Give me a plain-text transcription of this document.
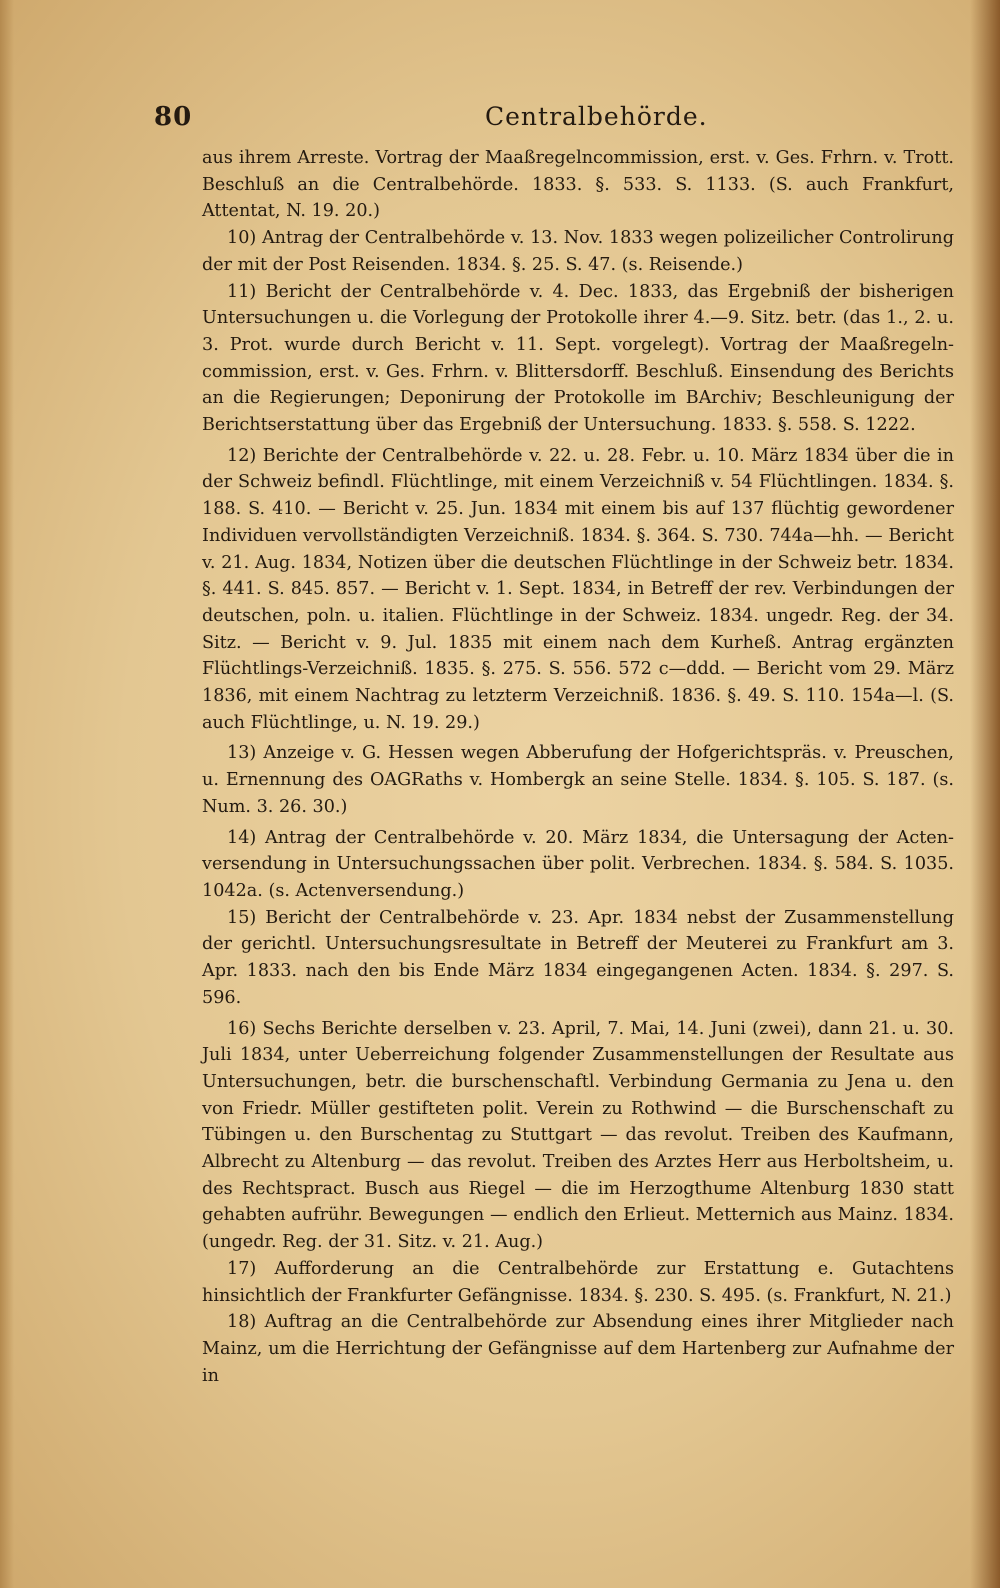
80	Centralbehörde.

aus ihrem Arreste. Vortrag der Maaßregelncommission, erst. v. Ges. Frhrn. v. Trott. Beschluß an die Centralbehörde. 1833. §. 533. S. 1133. (S. auch Frankfurt, Attentat, N. 19. 20.)

10) Antrag der Centralbehörde v. 13. Nov. 1833 wegen polizeilicher Controlirung der mit der Post Reisenden. 1834. §. 25. S. 47. (s. Reisende.)

11) Bericht der Centralbehörde v. 4. Dec. 1833, das Ergebniß der bisherigen Untersuchungen u. die Vorlegung der Protokolle ihrer 4.—9. Sitz. betr. (das 1., 2. u. 3. Prot. wurde durch Bericht v. 11. Sept. vorgelegt). Vortrag der Maaßregeln-commission, erst. v. Ges. Frhrn. v. Blittersdorff. Beschluß. Einsendung des Berichts an die Regierungen; Deponirung der Protokolle im BArchiv; Beschleunigung der Berichtserstattung über das Ergebniß der Untersuchung. 1833. §. 558. S. 1222.

12) Berichte der Centralbehörde v. 22. u. 28. Febr. u. 10. März 1834 über die in der Schweiz befindl. Flüchtlinge, mit einem Verzeichniß v. 54 Flüchtlingen. 1834. §. 188. S. 410. — Bericht v. 25. Jun. 1834 mit einem bis auf 137 flüchtig gewordener Individuen vervollständigten Verzeichniß. 1834. §. 364. S. 730. 744a—hh. — Bericht v. 21. Aug. 1834, Notizen über die deutschen Flüchtlinge in der Schweiz betr. 1834. §. 441. S. 845. 857. — Bericht v. 1. Sept. 1834, in Betreff der rev. Verbindungen der deutschen, poln. u. italien. Flüchtlinge in der Schweiz. 1834. ungedr. Reg. der 34. Sitz. — Bericht v. 9. Jul. 1835 mit einem nach dem Kurheß. Antrag ergänzten Flüchtlings-Verzeichniß. 1835. §. 275. S. 556. 572 c—ddd. — Bericht vom 29. März 1836, mit einem Nachtrag zu letzterm Verzeichniß. 1836. §. 49. S. 110. 154a—l. (S. auch Flüchtlinge, u. N. 19. 29.)

13) Anzeige v. G. Hessen wegen Abberufung der Hofgerichtspräs. v. Preuschen, u. Ernennung des OAGRaths v. Hombergk an seine Stelle. 1834. §. 105. S. 187. (s. Num. 3. 26. 30.)

14) Antrag der Centralbehörde v. 20. März 1834, die Untersagung der Acten-versendung in Untersuchungssachen über polit. Verbrechen. 1834. §. 584. S. 1035. 1042a. (s. Actenversendung.)

15) Bericht der Centralbehörde v. 23. Apr. 1834 nebst der Zusammenstellung der gerichtl. Untersuchungsresultate in Betreff der Meuterei zu Frankfurt am 3. Apr. 1833. nach den bis Ende März 1834 eingegangenen Acten. 1834. §. 297. S. 596.

16) Sechs Berichte derselben v. 23. April, 7. Mai, 14. Juni (zwei), dann 21. u. 30. Juli 1834, unter Ueberreichung folgender Zusammenstellungen der Resultate aus Untersuchungen, betr. die burschenschaftl. Verbindung Germania zu Jena u. den von Friedr. Müller gestifteten polit. Verein zu Rothwind — die Burschenschaft zu Tübingen u. den Burschentag zu Stuttgart — das revolut. Treiben des Kaufmann, Albrecht zu Altenburg — das revolut. Treiben des Arztes Herr aus Herboltsheim, u. des Rechtspract. Busch aus Riegel — die im Herzogthume Altenburg 1830 statt gehabten aufrühr. Bewegungen — endlich den Erlieut. Metternich aus Mainz. 1834. (ungedr. Reg. der 31. Sitz. v. 21. Aug.)

17) Aufforderung an die Centralbehörde zur Erstattung e. Gutachtens hinsichtlich der Frankfurter Gefängnisse. 1834. §. 230. S. 495. (s. Frankfurt, N. 21.)

18) Auftrag an die Centralbehörde zur Absendung eines ihrer Mitglieder nach Mainz, um die Herrichtung der Gefängnisse auf dem Hartenberg zur Aufnahme der in
